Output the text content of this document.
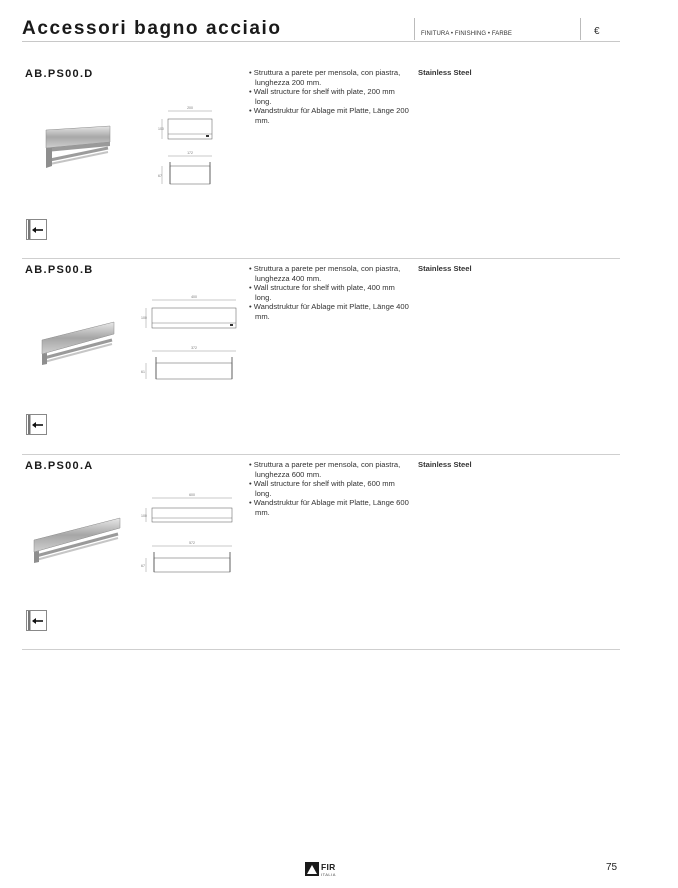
Accessori bagno acciaio	FINITURA • FINISHING • FARBE	€
AB.PS00.D	• Struttura a parete per mensola, con piastra, lunghezza 200 mm.
• Wall structure for shelf with plate, 200 mm long.
• Wandstruktur für Ablage mit Platte, Länge 200 mm.
Stainless Steel
200
100
172
67
AB.PS00.B	• Struttura a parete per mensola, con piastra, lunghezza 400 mm.
• Wall structure for shelf with plate, 400 mm long.
• Wandstruktur für Ablage mit Platte, Länge 400 mm.
Stainless Steel
400
100
372
61
AB.PS00.A	• Struttura a parete per mensola, con piastra, lunghezza 600 mm.
• Wall structure for shelf with plate, 600 mm long.
• Wandstruktur für Ablage mit Platte, Länge 600 mm.
Stainless Steel
600
100
572
67
FIR
ITALIA
75
